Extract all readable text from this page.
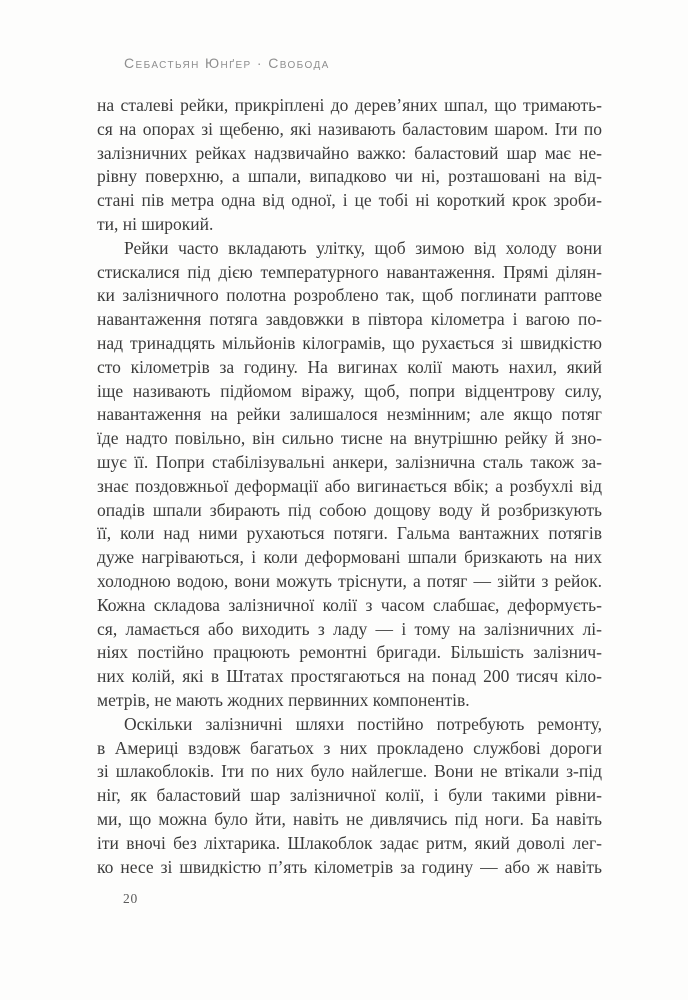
Себастьян Юнґер · Свобода
на сталеві рейки, прикріплені до дерев’яних шпал, що тримають-
ся на опорах зі щебеню, які називають баластовим шаром. Іти по
залізничних рейках надзвичайно важко: баластовий шар має не-
рівну поверхню, а шпали, випадково чи ні, розташовані на від-
стані пів метра одна від одної, і це тобі ні короткий крок зроби-
ти, ні широкий.
Рейки часто вкладають улітку, щоб зимою від холоду вони
стискалися під дією температурного навантаження. Прямі ділян-
ки залізничного полотна розроблено так, щоб поглинати раптове
навантаження потяга завдовжки в півтора кілометра і вагою по-
над тринадцять мільйонів кілограмів, що рухається зі швидкістю
сто кілометрів за годину. На вигинах колії мають нахил, який
іще називають підйомом віражу, щоб, попри відцентрову силу,
навантаження на рейки залишалося незмінним; але якщо потяг
їде надто повільно, він сильно тисне на внутрішню рейку й зно-
шує її. Попри стабілізувальні анкери, залізнична сталь також за-
знає поздовжньої деформації або вигинається вбік; а розбухлі від
опадів шпали збирають під собою дощову воду й розбризкують
її, коли над ними рухаються потяги. Гальма вантажних потягів
дуже нагріваються, і коли деформовані шпали бризкають на них
холодною водою, вони можуть тріснути, а потяг — зійти з рейок.
Кожна складова залізничної колії з часом слабшає, деформуєть-
ся, ламається або виходить з ладу — і тому на залізничних лі-
ніях постійно працюють ремонтні бригади. Більшість залізнич-
них колій, які в Штатах простягаються на понад 200 тисяч кіло-
метрів, не мають жодних первинних компонентів.
Оскільки залізничні шляхи постійно потребують ремонту,
в Америці вздовж багатьох з них прокладено службові дороги
зі шлакоблоків. Іти по них було найлегше. Вони не втікали з-під
ніг, як баластовий шар залізничної колії, і були такими рівни-
ми, що можна було йти, навіть не дивлячись під ноги. Ба навіть
іти вночі без ліхтарика. Шлакоблок задає ритм, який доволі лег-
ко несе зі швидкістю п’ять кілометрів за годину — або ж навіть
20
